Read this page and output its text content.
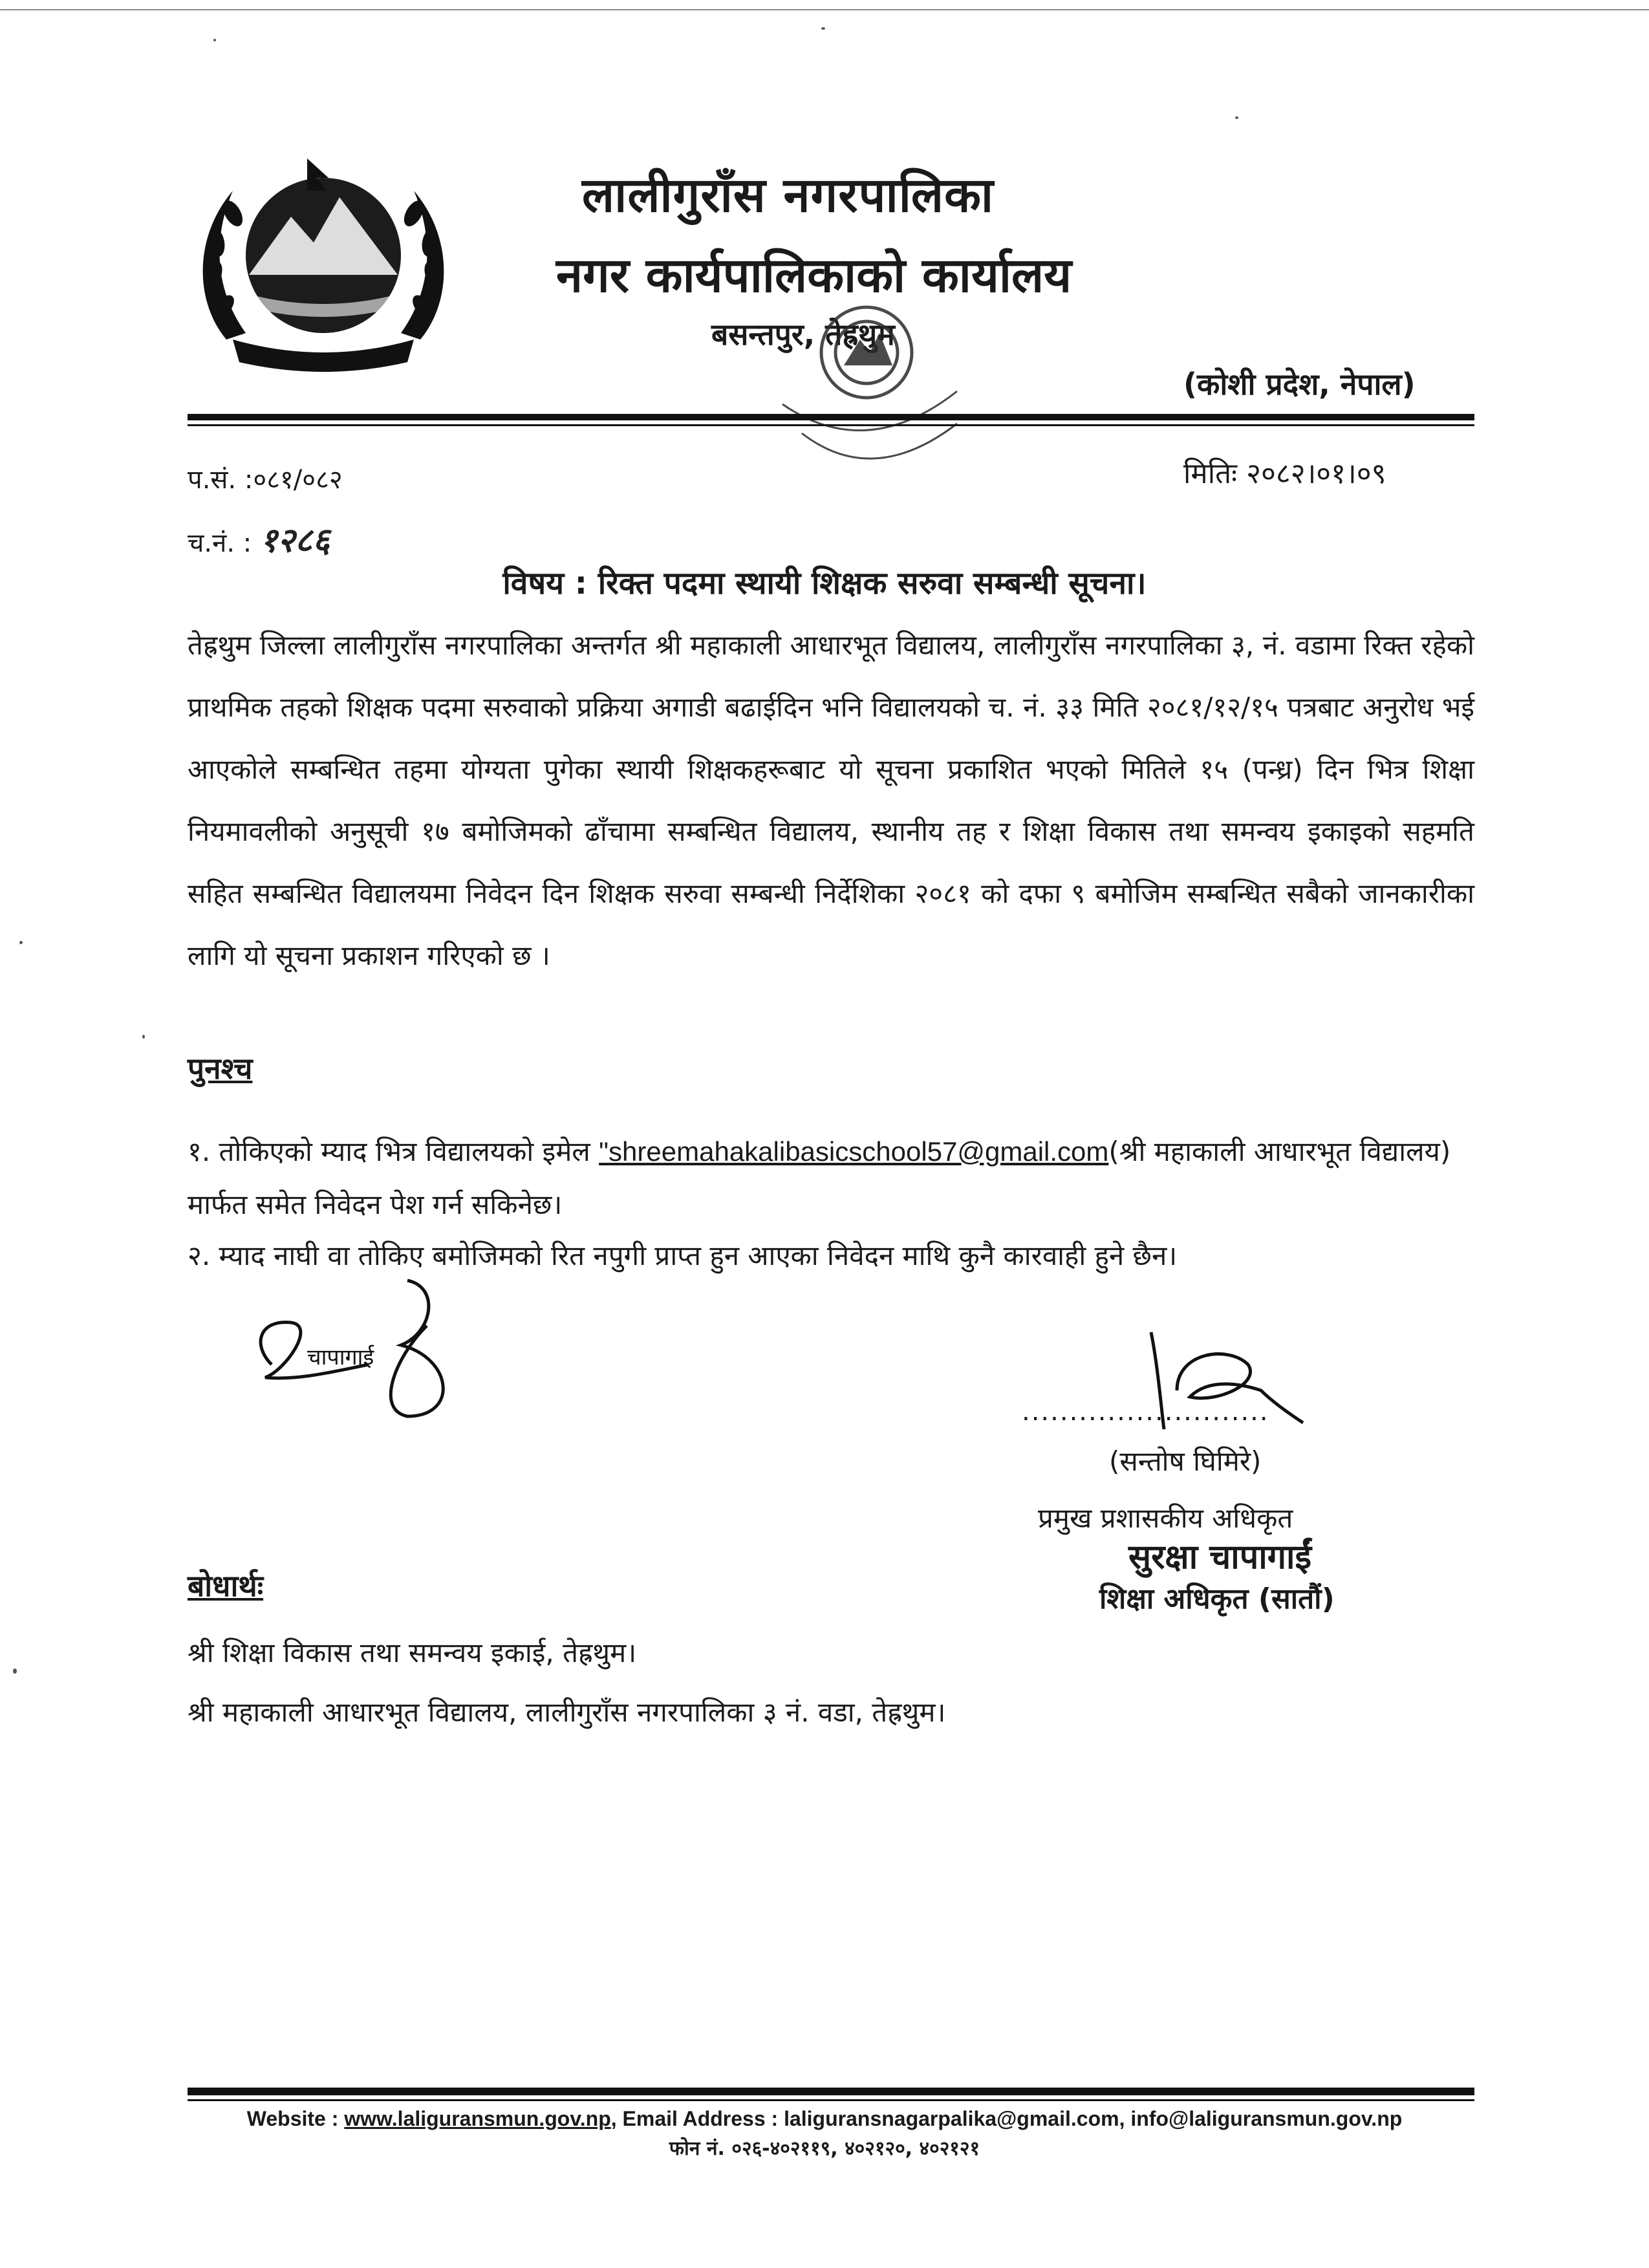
लालीगुराँस नगरपालिका
नगर कार्यपालिकाको कार्यालय
बसन्तपुर, तेह्रथुम
(कोशी प्रदेश, नेपाल)
प.सं. :०८१/०८२
च.नं. : १२८६
मितिः २०८२।०१।०९
विषय : रिक्त पदमा स्थायी शिक्षक सरुवा सम्बन्धी सूचना।
तेह्रथुम जिल्ला लालीगुराँस नगरपालिका अन्तर्गत श्री महाकाली आधारभूत विद्यालय, लालीगुराँस नगरपालिका ३, नं. वडामा रिक्त रहेको प्राथमिक तहको शिक्षक पदमा सरुवाको प्रक्रिया अगाडी बढाईदिन भनि विद्यालयको च. नं. ३३ मिति २०८१/१२/१५ पत्रबाट अनुरोध भई आएकोले सम्बन्धित तहमा योग्यता पुगेका स्थायी शिक्षकहरूबाट यो सूचना प्रकाशित भएको मितिले १५ (पन्ध्र) दिन भित्र शिक्षा नियमावलीको अनुसूची १७ बमोजिमको ढाँचामा सम्बन्धित विद्यालय, स्थानीय तह र शिक्षा विकास तथा समन्वय इकाइको सहमति सहित सम्बन्धित विद्यालयमा निवेदन दिन शिक्षक सरुवा सम्बन्धी निर्देशिका २०८१ को दफा ९ बमोजिम सम्बन्धित सबैको जानकारीका लागि यो सूचना प्रकाशन गरिएको छ ।
पुनश्च
१. तोकिएको म्याद भित्र विद्यालयको इमेल "shreemahakalibasicschool57@gmail.com(श्री महाकाली आधारभूत विद्यालय) मार्फत समेत निवेदन पेश गर्न सकिनेछ।
२. म्याद नाघी वा तोकिए बमोजिमको रित नपुगी प्राप्त हुन आएका निवेदन माथि कुनै कारवाही हुने छैन।
चापागाई
..........................
(सन्तोष घिमिरे)
प्रमुख प्रशासकीय अधिकृत
सुरक्षा चापागाईं
शिक्षा अधिकृत (सातौं)
बोधार्थः
श्री शिक्षा विकास तथा समन्वय इकाई, तेह्रथुम।
श्री महाकाली आधारभूत विद्यालय, लालीगुराँस नगरपालिका ३ नं. वडा, तेह्रथुम।
Website : www.laliguransmun.gov.np, Email Address : laliguransnagarpalika@gmail.com, info@laliguransmun.gov.np
फोन नं. ०२६-४०२११९, ४०२१२०, ४०२१२१
